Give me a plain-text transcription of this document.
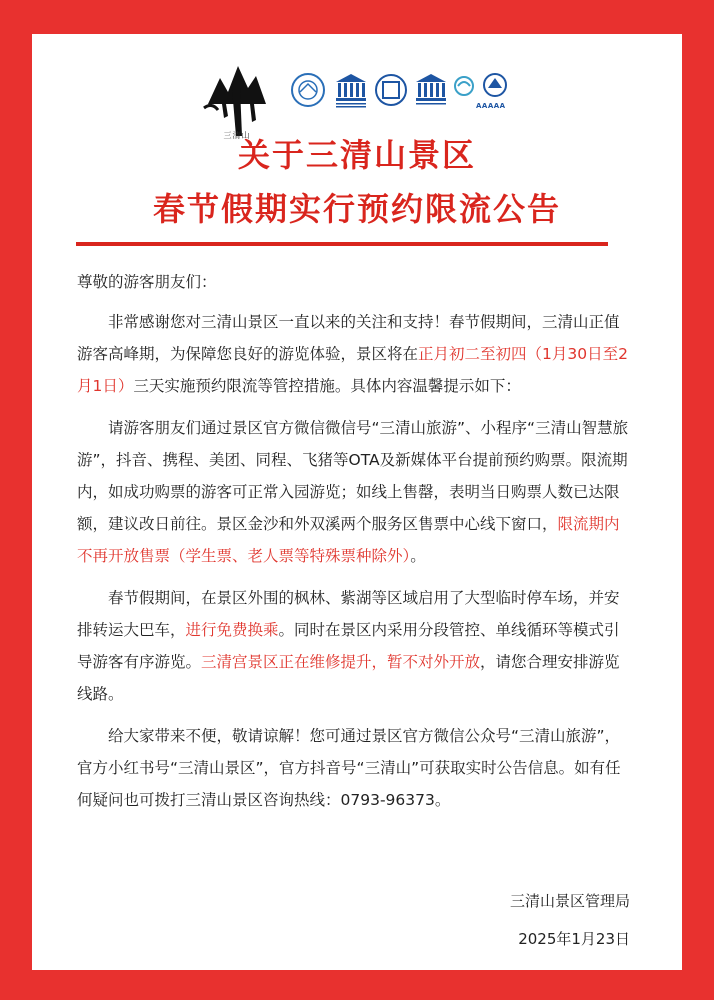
三清山
AAAAA
关于三清山景区
春节假期实行预约限流公告

尊敬的游客朋友们：

非常感谢您对三清山景区一直以来的关注和支持！春节假期间，三清山正值游客高峰期，为保障您良好的游览体验，景区将在正月初二至初四（1月30日至2月1日）三天实施预约限流等管控措施。具体内容温馨提示如下：

请游客朋友们通过景区官方微信微信号“三清山旅游”、小程序“三清山智慧旅游”，抖音、携程、美团、同程、飞猪等OTA及新媒体平台提前预约购票。限流期内，如成功购票的游客可正常入园游览；如线上售罄，表明当日购票人数已达限额，建议改日前往。景区金沙和外双溪两个服务区售票中心线下窗口，限流期内不再开放售票（学生票、老人票等特殊票种除外）。

春节假期间，在景区外围的枫林、紫湖等区域启用了大型临时停车场，并安排转运大巴车，进行免费换乘。同时在景区内采用分段管控、单线循环等模式引导游客有序游览。三清宫景区正在维修提升，暂不对外开放，请您合理安排游览线路。

给大家带来不便，敬请谅解！您可通过景区官方微信公众号“三清山旅游”，官方小红书号“三清山景区”，官方抖音号“三清山”可获取实时公告信息。如有任何疑问也可拨打三清山景区咨询热线：0793-96373。

三清山景区管理局
2025年1月23日
